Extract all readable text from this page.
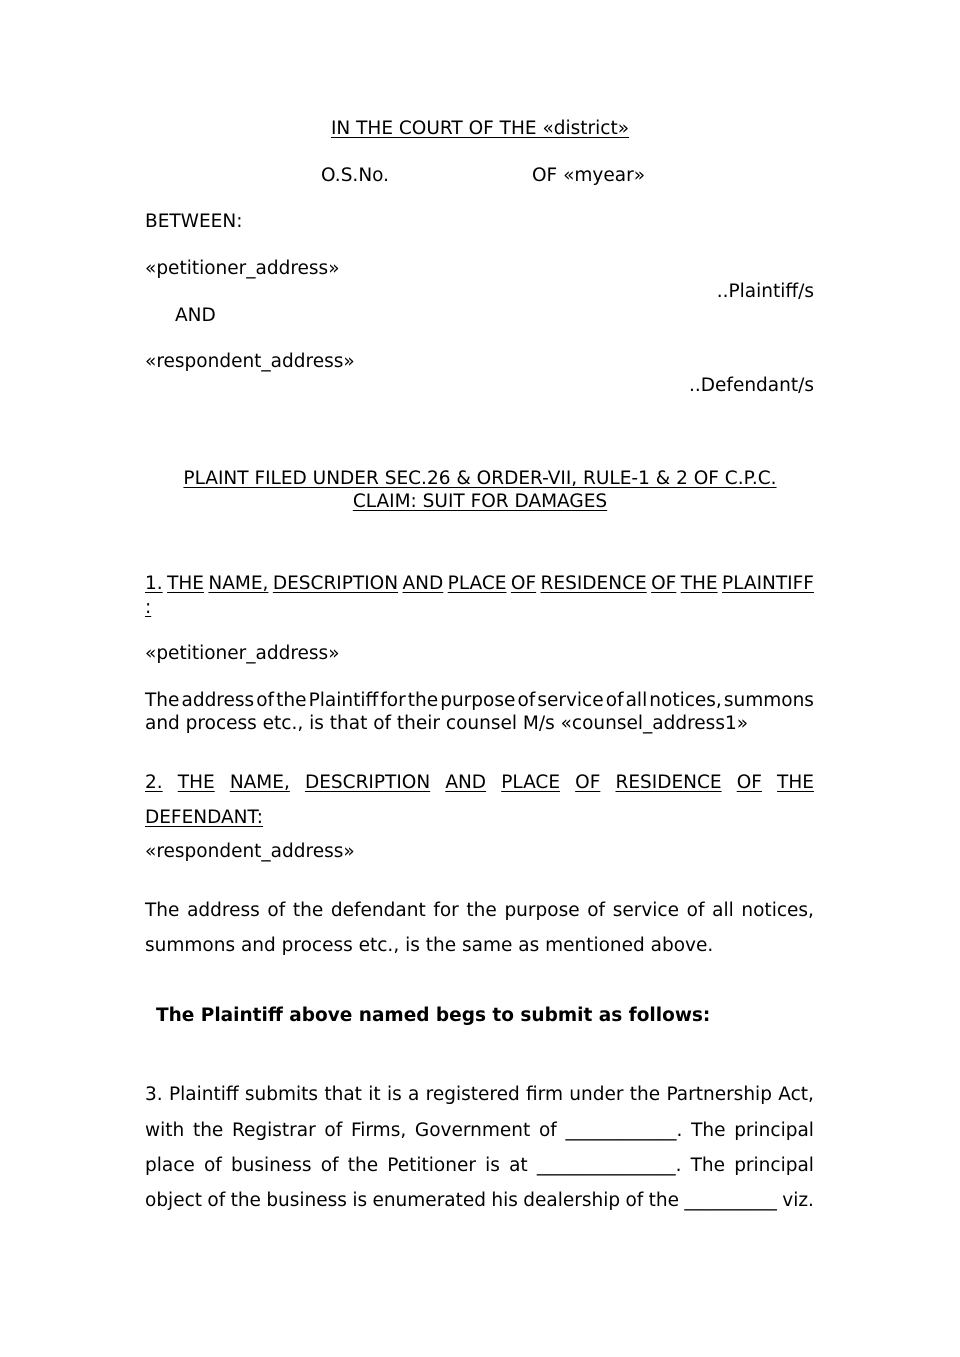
IN THE COURT OF THE «district»
O.S.No.	OF «myear»
BETWEEN:
«petitioner_address»
..Plaintiff/s
AND
«respondent_address»
..Defendant/s
PLAINT FILED UNDER SEC.26 & ORDER-VII, RULE-1 & 2 OF C.P.C.
CLAIM: SUIT FOR DAMAGES
1. THE NAME, DESCRIPTION AND PLACE OF RESIDENCE OF THE PLAINTIFF
:
«petitioner_address»
The address of the Plaintiff for the purpose of service of all notices, summons
and process etc., is that of their counsel M/s «counsel_address1»
2. THE NAME, DESCRIPTION AND PLACE OF RESIDENCE OF THE
DEFENDANT:
«respondent_address»
The address of the defendant for the purpose of service of all notices,
summons and process etc., is the same as mentioned above.
The Plaintiff above named begs to submit as follows:
3. Plaintiff submits that it is a registered firm under the Partnership Act,
with the Registrar of Firms, Government of ____________. The principal
place of business of the Petitioner is at _______________. The principal
object of the business is enumerated his dealership of the __________ viz.
